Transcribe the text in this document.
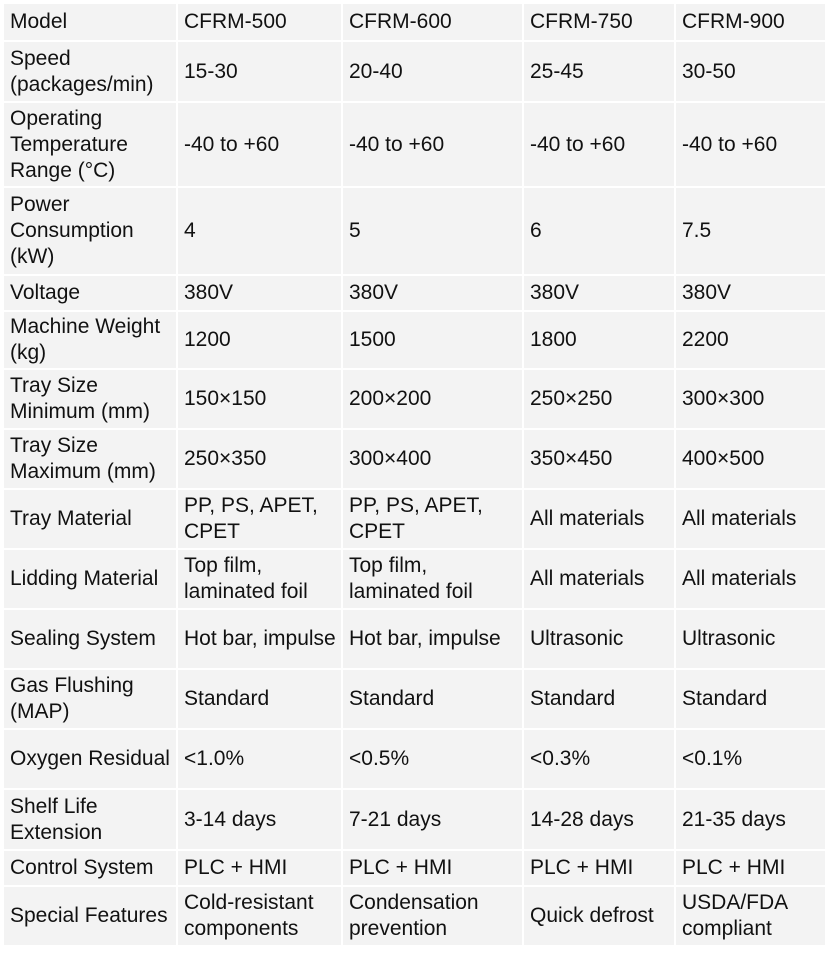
Model	CFRM-500	CFRM-600	CFRM-750	CFRM-900
Speed (packages/min)	15-30	20-40	25-45	30-50
Operating Temperature Range (°C)	-40 to +60	-40 to +60	-40 to +60	-40 to +60
Power Consumption (kW)	4	5	6	7.5
Voltage	380V	380V	380V	380V
Machine Weight (kg)	1200	1500	1800	2200
Tray Size Minimum (mm)	150×150	200×200	250×250	300×300
Tray Size Maximum (mm)	250×350	300×400	350×450	400×500
Tray Material	PP, PS, APET, CPET	PP, PS, APET, CPET	All materials	All materials
Lidding Material	Top film, laminated foil	Top film, laminated foil	All materials	All materials
Sealing System	Hot bar, impulse	Hot bar, impulse	Ultrasonic	Ultrasonic
Gas Flushing (MAP)	Standard	Standard	Standard	Standard
Oxygen Residual	<1.0%	<0.5%	<0.3%	<0.1%
Shelf Life Extension	3-14 days	7-21 days	14-28 days	21-35 days
Control System	PLC + HMI	PLC + HMI	PLC + HMI	PLC + HMI
Special Features	Cold-resistant components	Condensation prevention	Quick defrost	USDA/FDA compliant
